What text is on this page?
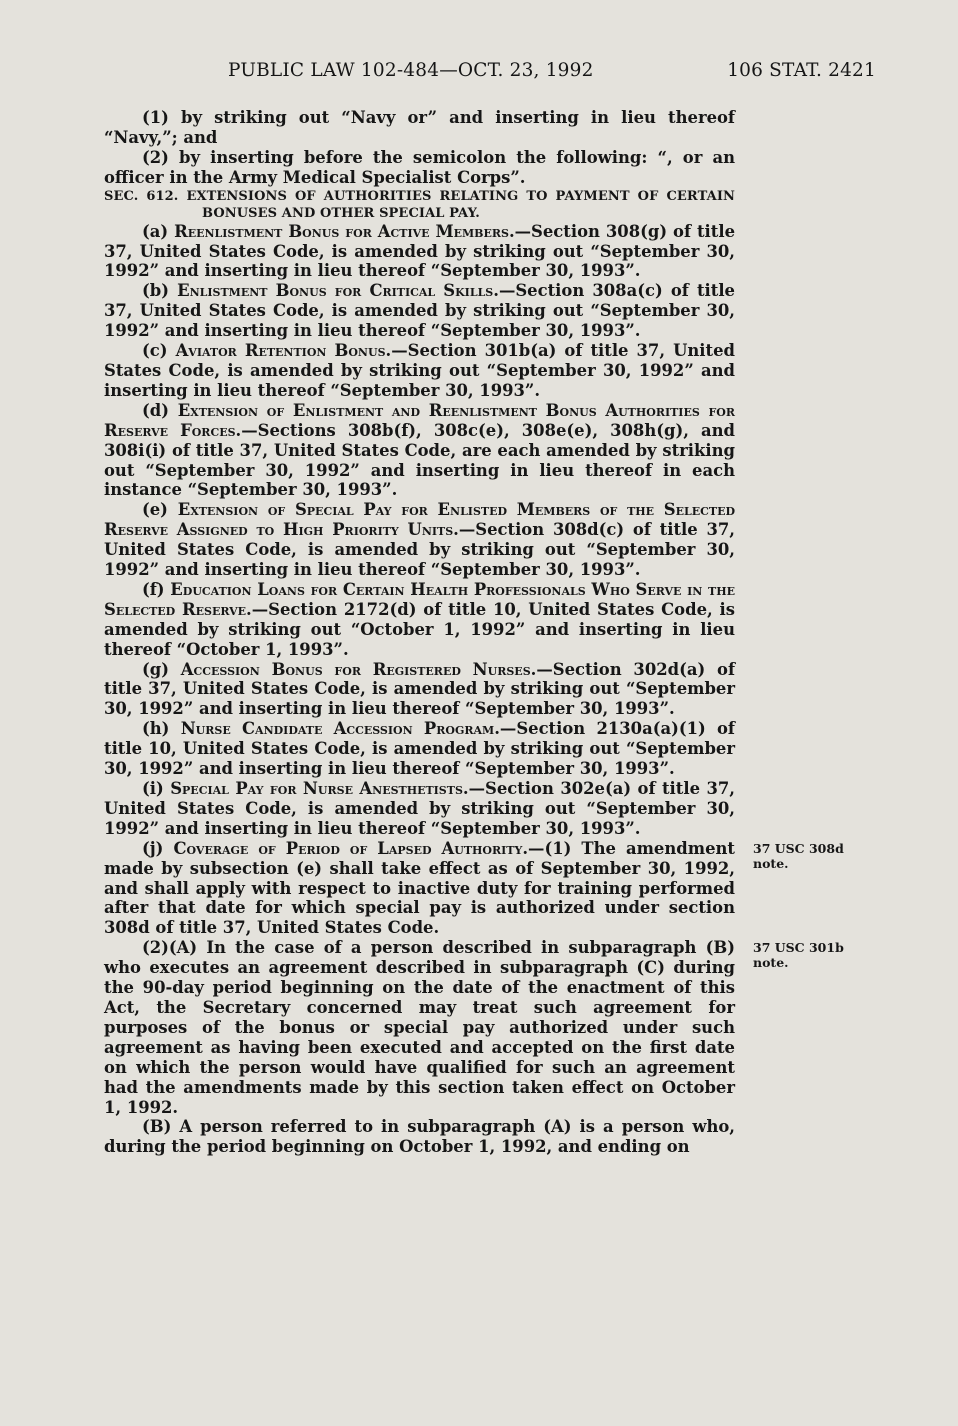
PUBLIC LAW 102-484—OCT. 23, 1992	106 STAT. 2421

(1) by striking out “Navy or” and inserting in lieu thereof “Navy,”; and

(2) by inserting before the semicolon the following: “, or an officer in the Army Medical Specialist Corps”.

SEC. 612. EXTENSIONS OF AUTHORITIES RELATING TO PAYMENT OF CERTAIN BONUSES AND OTHER SPECIAL PAY.

(a) Reenlistment Bonus for Active Members.—Section 308(g) of title 37, United States Code, is amended by striking out “September 30, 1992” and inserting in lieu thereof “September 30, 1993”.

(b) Enlistment Bonus for Critical Skills.—Section 308a(c) of title 37, United States Code, is amended by striking out “September 30, 1992” and inserting in lieu thereof “September 30, 1993”.

(c) Aviator Retention Bonus.—Section 301b(a) of title 37, United States Code, is amended by striking out “September 30, 1992” and inserting in lieu thereof “September 30, 1993”.

(d) Extension of Enlistment and Reenlistment Bonus Authorities for Reserve Forces.—Sections 308b(f), 308c(e), 308e(e), 308h(g), and 308i(i) of title 37, United States Code, are each amended by striking out “September 30, 1992” and inserting in lieu thereof in each instance “September 30, 1993”.

(e) Extension of Special Pay for Enlisted Members of the Selected Reserve Assigned to High Priority Units.—Section 308d(c) of title 37, United States Code, is amended by striking out “September 30, 1992” and inserting in lieu thereof “September 30, 1993”.

(f) Education Loans for Certain Health Professionals Who Serve in the Selected Reserve.—Section 2172(d) of title 10, United States Code, is amended by striking out “October 1, 1992” and inserting in lieu thereof “October 1, 1993”.

(g) Accession Bonus for Registered Nurses.—Section 302d(a) of title 37, United States Code, is amended by striking out “September 30, 1992” and inserting in lieu thereof “September 30, 1993”.

(h) Nurse Candidate Accession Program.—Section 2130a(a)(1) of title 10, United States Code, is amended by striking out “September 30, 1992” and inserting in lieu thereof “September 30, 1993”.

(i) Special Pay for Nurse Anesthetists.—Section 302e(a) of title 37, United States Code, is amended by striking out “September 30, 1992” and inserting in lieu thereof “September 30, 1993”.

(j) Coverage of Period of Lapsed Authority.—(1) The amendment made by subsection (e) shall take effect as of September 30, 1992, and shall apply with respect to inactive duty for training performed after that date for which special pay is authorized under section 308d of title 37, United States Code.

(2)(A) In the case of a person described in subparagraph (B) who executes an agreement described in subparagraph (C) during the 90-day period beginning on the date of the enactment of this Act, the Secretary concerned may treat such agreement for purposes of the bonus or special pay authorized under such agreement as having been executed and accepted on the first date on which the person would have qualified for such an agreement had the amendments made by this section taken effect on October 1, 1992.

(B) A person referred to in subparagraph (A) is a person who, during the period beginning on October 1, 1992, and ending on

37 USC 308d note.
37 USC 301b note.
